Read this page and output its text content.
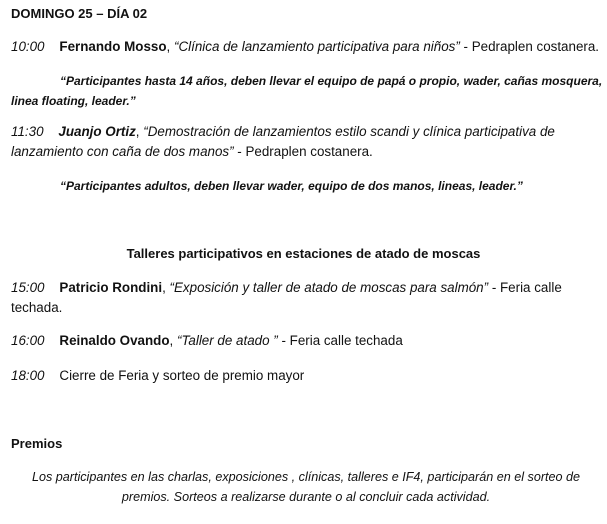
DOMINGO 25 – DÍA 02
10:00 Fernando Mosso, “Clínica de lanzamiento participativa para niños” - Pedraplen costanera.
“Participantes hasta 14 años, deben llevar el equipo de papá o propio, wader, cañas mosquera,
linea floating, leader.”
11:30 Juanjo Ortiz, “Demostración de lanzamientos estilo scandi y clínica participativa de
lanzamiento con caña de dos manos” - Pedraplen costanera.
“Participantes adultos, deben llevar wader, equipo de dos manos, lineas, leader.”
Talleres participativos en estaciones de atado de moscas
15:00 Patricio Rondini, “Exposición y taller de atado de moscas para salmón” - Feria calle
techada.
16:00 Reinaldo Ovando, “Taller de atado ” - Feria calle techada
18:00 Cierre de Feria y sorteo de premio mayor
Premios
Los participantes en las charlas, exposiciones , clínicas, talleres e IF4, participarán en el sorteo de
premios. Sorteos a realizarse durante o al concluir cada actividad.
